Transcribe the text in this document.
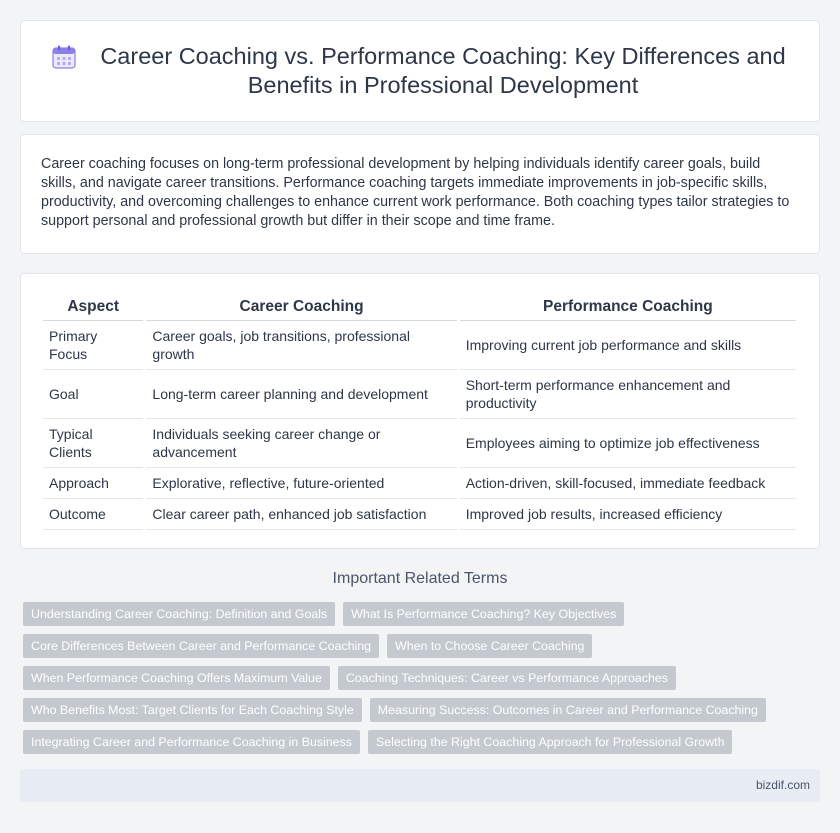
Career Coaching vs. Performance Coaching: Key Differences and Benefits in Professional Development

Career coaching focuses on long-term professional development by helping individuals identify career goals, build skills, and navigate career transitions. Performance coaching targets immediate improvements in job-specific skills, productivity, and overcoming challenges to enhance current work performance. Both coaching types tailor strategies to support personal and professional growth but differ in their scope and time frame.

Aspect	Career Coaching	Performance Coaching
Primary Focus	Career goals, job transitions, professional growth	Improving current job performance and skills
Goal	Long-term career planning and development	Short-term performance enhancement and productivity
Typical Clients	Individuals seeking career change or advancement	Employees aiming to optimize job effectiveness
Approach	Explorative, reflective, future-oriented	Action-driven, skill-focused, immediate feedback
Outcome	Clear career path, enhanced job satisfaction	Improved job results, increased efficiency
Important Related Terms
Understanding Career Coaching: Definition and Goals	What Is Performance Coaching? Key Objectives
Core Differences Between Career and Performance Coaching	When to Choose Career Coaching
When Performance Coaching Offers Maximum Value	Coaching Techniques: Career vs Performance Approaches
Who Benefits Most: Target Clients for Each Coaching Style	Measuring Success: Outcomes in Career and Performance Coaching
Integrating Career and Performance Coaching in Business	Selecting the Right Coaching Approach for Professional Growth
bizdif.com
